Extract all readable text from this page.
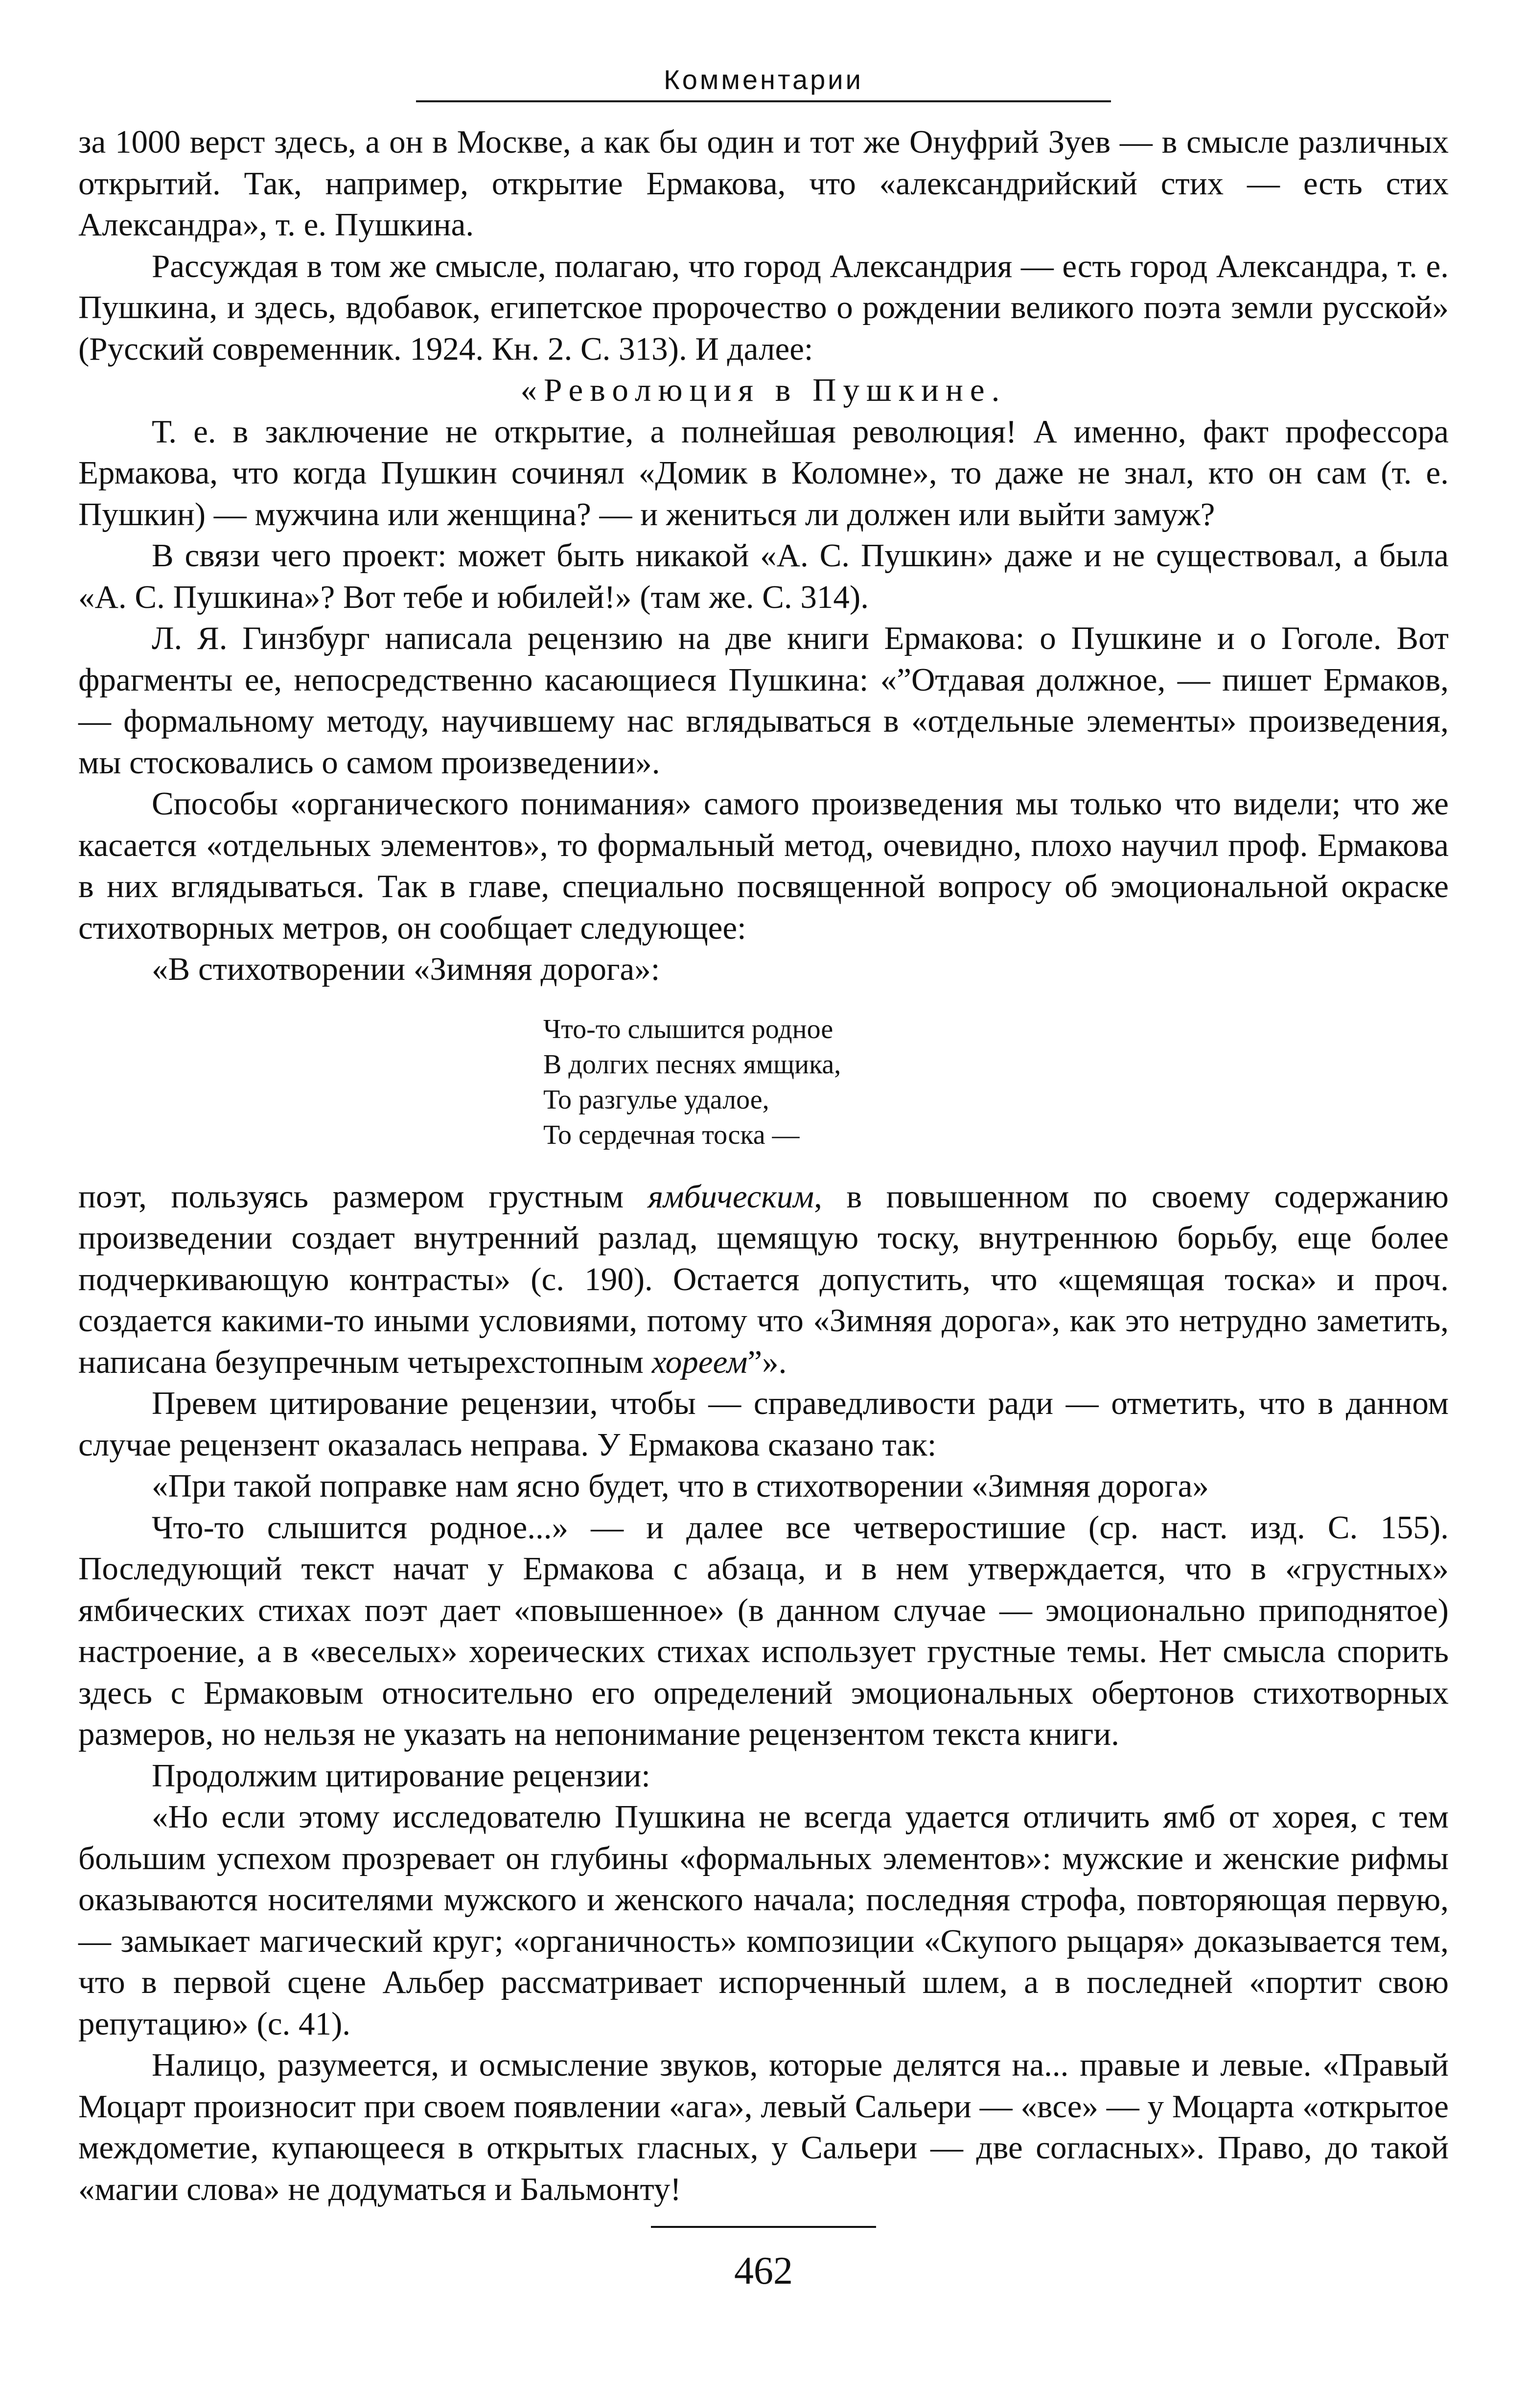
Комментарии

за 1000 верст здесь, а он в Москве, а как бы один и тот же Онуфрий Зуев — в смысле различных открытий. Так, например, открытие Ермакова, что «александрийский стих — есть стих Александра», т. е. Пушкина.

Рассуждая в том же смысле, полагаю, что город Александрия — есть город Александра, т. е. Пушкина, и здесь, вдобавок, египетское пророчество о рождении великого поэта земли русской» (Русский современник. 1924. Кн. 2. С. 313). И далее:

«Революция в Пушкине.

Т. е. в заключение не открытие, а полнейшая революция! А именно, факт профессора Ермакова, что когда Пушкин сочинял «Домик в Коломне», то даже не знал, кто он сам (т. е. Пушкин) — мужчина или женщина? — и жениться ли должен или выйти замуж?

В связи чего проект: может быть никакой «А. С. Пушкин» даже и не существовал, а была «А. С. Пушкина»? Вот тебе и юбилей!» (там же. С. 314).

Л. Я. Гинзбург написала рецензию на две книги Ермакова: о Пушкине и о Гоголе. Вот фрагменты ее, непосредственно касающиеся Пушкина: «”Отдавая должное, — пишет Ермаков, — формальному методу, научившему нас вглядываться в «отдельные элементы» произведения, мы стосковались о самом произведении».

Способы «органического понимания» самого произведения мы только что видели; что же касается «отдельных элементов», то формальный метод, очевидно, плохо научил проф. Ермакова в них вглядываться. Так в главе, специально посвященной вопросу об эмоциональной окраске стихотворных метров, он сообщает следующее:

«В стихотворении «Зимняя дорога»:

Что-то слышится родное
В долгих песнях ямщика,
То разгулье удалое,
То сердечная тоска —

поэт, пользуясь размером грустным ямбическим, в повышенном по своему содержанию произведении создает внутренний разлад, щемящую тоску, внутреннюю борьбу, еще более подчеркивающую контрасты» (с. 190). Остается допустить, что «щемящая тоска» и проч. создается какими-то иными условиями, потому что «Зимняя дорога», как это нетрудно заметить, написана безупречным четырехстопным хореем”».

Превем цитирование рецензии, чтобы — справедливости ради — отметить, что в данном случае рецензент оказалась неправа. У Ермакова сказано так:

«При такой поправке нам ясно будет, что в стихотворении «Зимняя дорога»

Что-то слышится родное...» — и далее все четверостишие (ср. наст. изд. С. 155). Последующий текст начат у Ермакова с абзаца, и в нем утверждается, что в «грустных» ямбических стихах поэт дает «повышенное» (в данном случае — эмоционально приподнятое) настроение, а в «веселых» хореических стихах использует грустные темы. Нет смысла спорить здесь с Ермаковым относительно его определений эмоциональных обертонов стихотворных размеров, но нельзя не указать на непонимание рецензентом текста книги.

Продолжим цитирование рецензии:

«Но если этому исследователю Пушкина не всегда удается отличить ямб от хорея, с тем большим успехом прозревает он глубины «формальных элементов»: мужские и женские рифмы оказываются носителями мужского и женского начала; последняя строфа, повторяющая первую, — замыкает магический круг; «органичность» композиции «Скупого рыцаря» доказывается тем, что в первой сцене Альбер рассматривает испорченный шлем, а в последней «портит свою репутацию» (с. 41).

Налицо, разумеется, и осмысление звуков, которые делятся на... правые и левые. «Правый Моцарт произносит при своем появлении «ага», левый Сальери — «все» — у Моцарта «открытое междометие, купающееся в открытых гласных, у Сальери — две согласных». Право, до такой «магии слова» не додуматься и Бальмонту!

462
